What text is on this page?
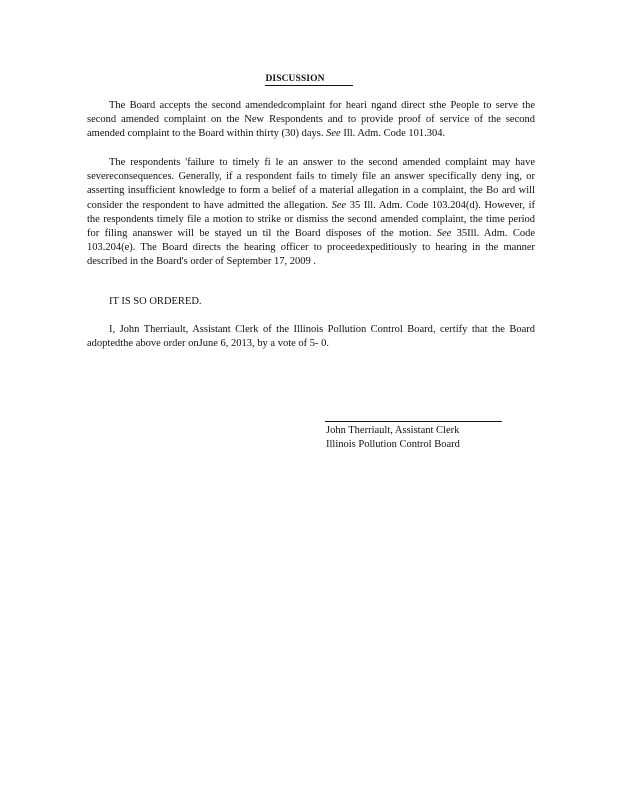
DISCUSSION

The Board accepts the second amendedcomplaint for heari ngand direct sthe People to serve the second amended complaint on the New Respondents and to provide proof of service of the second amended complaint to the Board within thirty (30) days. See Ill. Adm. Code 101.304.

The respondents 'failure to timely fi le an answer to the second amended complaint may have severeconsequences. Generally, if a respondent fails to timely file an answer specifically deny ing, or asserting insufficient knowledge to form a belief of a material allegation in a complaint, the Bo ard will consider the respondent to have admitted the allegation. See 35 Ill. Adm. Code 103.204(d). However, if the respondents timely file a motion to strike or dismiss the second amended complaint, the time period for filing ananswer will be stayed un til the Board disposes of the motion. See 35Ill. Adm. Code 103.204(e). The Board directs the hearing officer to proceedexpeditiously to hearing in the manner described in the Board's order of September 17, 2009 .

IT IS SO ORDERED.

I, John Therriault, Assistant Clerk of the Illinois Pollution Control Board, certify that the Board adoptedthe above order onJune 6, 2013, by a vote of 5- 0.

John Therriault, Assistant Clerk
Illinois Pollution Control Board
